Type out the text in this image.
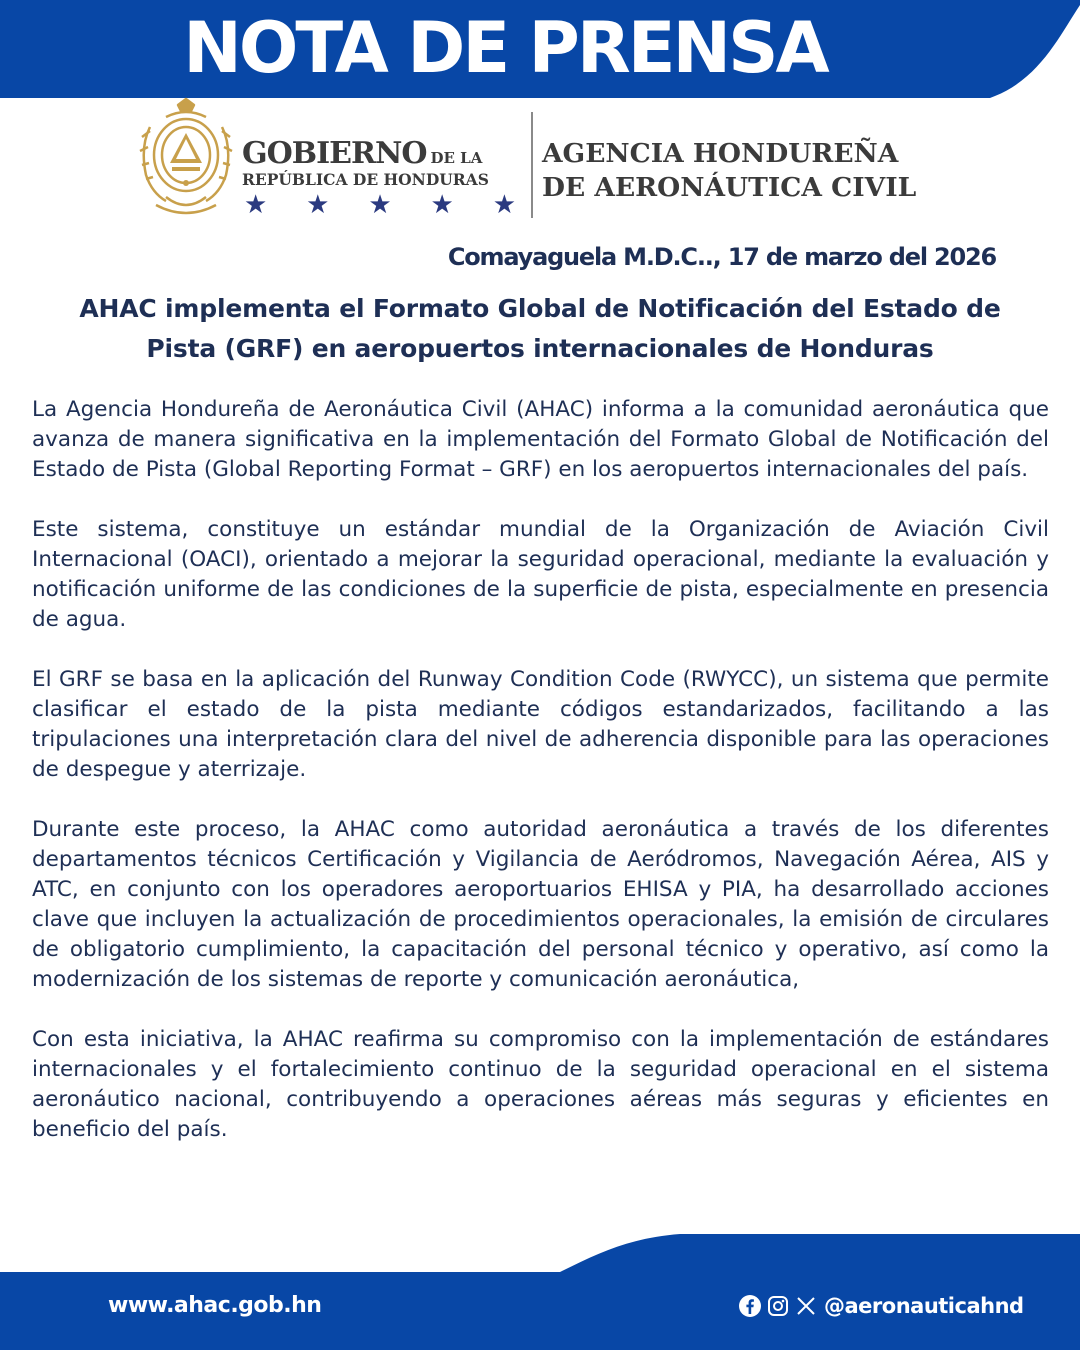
NOTA DE PRENSA
GOBIERNO DE LA
REPÚBLICA DE HONDURAS
★ ★ ★ ★ ★
AGENCIA HONDUREÑA
DE AERONÁUTICA CIVIL
Comayaguela M.D.C.., 17 de marzo del 2026
AHAC implementa el Formato Global de Notificación del Estado de
Pista (GRF) en aeropuertos internacionales de Honduras

La Agencia Hondureña de Aeronáutica Civil (AHAC) informa a la comunidad aeronáutica que avanza de manera significativa en la implementación del Formato Global de Notificación del Estado de Pista (Global Reporting Format – GRF) en los aeropuertos internacionales del país.

Este sistema, constituye un estándar mundial de la Organización de Aviación Civil Internacional (OACI), orientado a mejorar la seguridad operacional, mediante la evaluación y notificación uniforme de las condiciones de la superficie de pista, especialmente en presencia de agua.

El GRF se basa en la aplicación del Runway Condition Code (RWYCC), un sistema que permite clasificar el estado de la pista mediante códigos estandarizados, facilitando a las tripulaciones una interpretación clara del nivel de adherencia disponible para las operaciones de despegue y aterrizaje.

Durante este proceso, la AHAC como autoridad aeronáutica a través de los diferentes departamentos técnicos Certificación y Vigilancia de Aeródromos, Navegación Aérea, AIS y ATC, en conjunto con los operadores aeroportuarios EHISA y PIA, ha desarrollado acciones clave que incluyen la actualización de procedimientos operacionales, la emisión de circulares de obligatorio cumplimiento, la capacitación del personal técnico y operativo, así como la modernización de los sistemas de reporte y comunicación aeronáutica,

Con esta iniciativa, la AHAC reafirma su compromiso con la implementación de estándares internacionales y el fortalecimiento continuo de la seguridad operacional en el sistema aeronáutico nacional, contribuyendo a operaciones aéreas más seguras y eficientes en beneficio del país.

www.ahac.gob.hn	@aeronauticahnd
